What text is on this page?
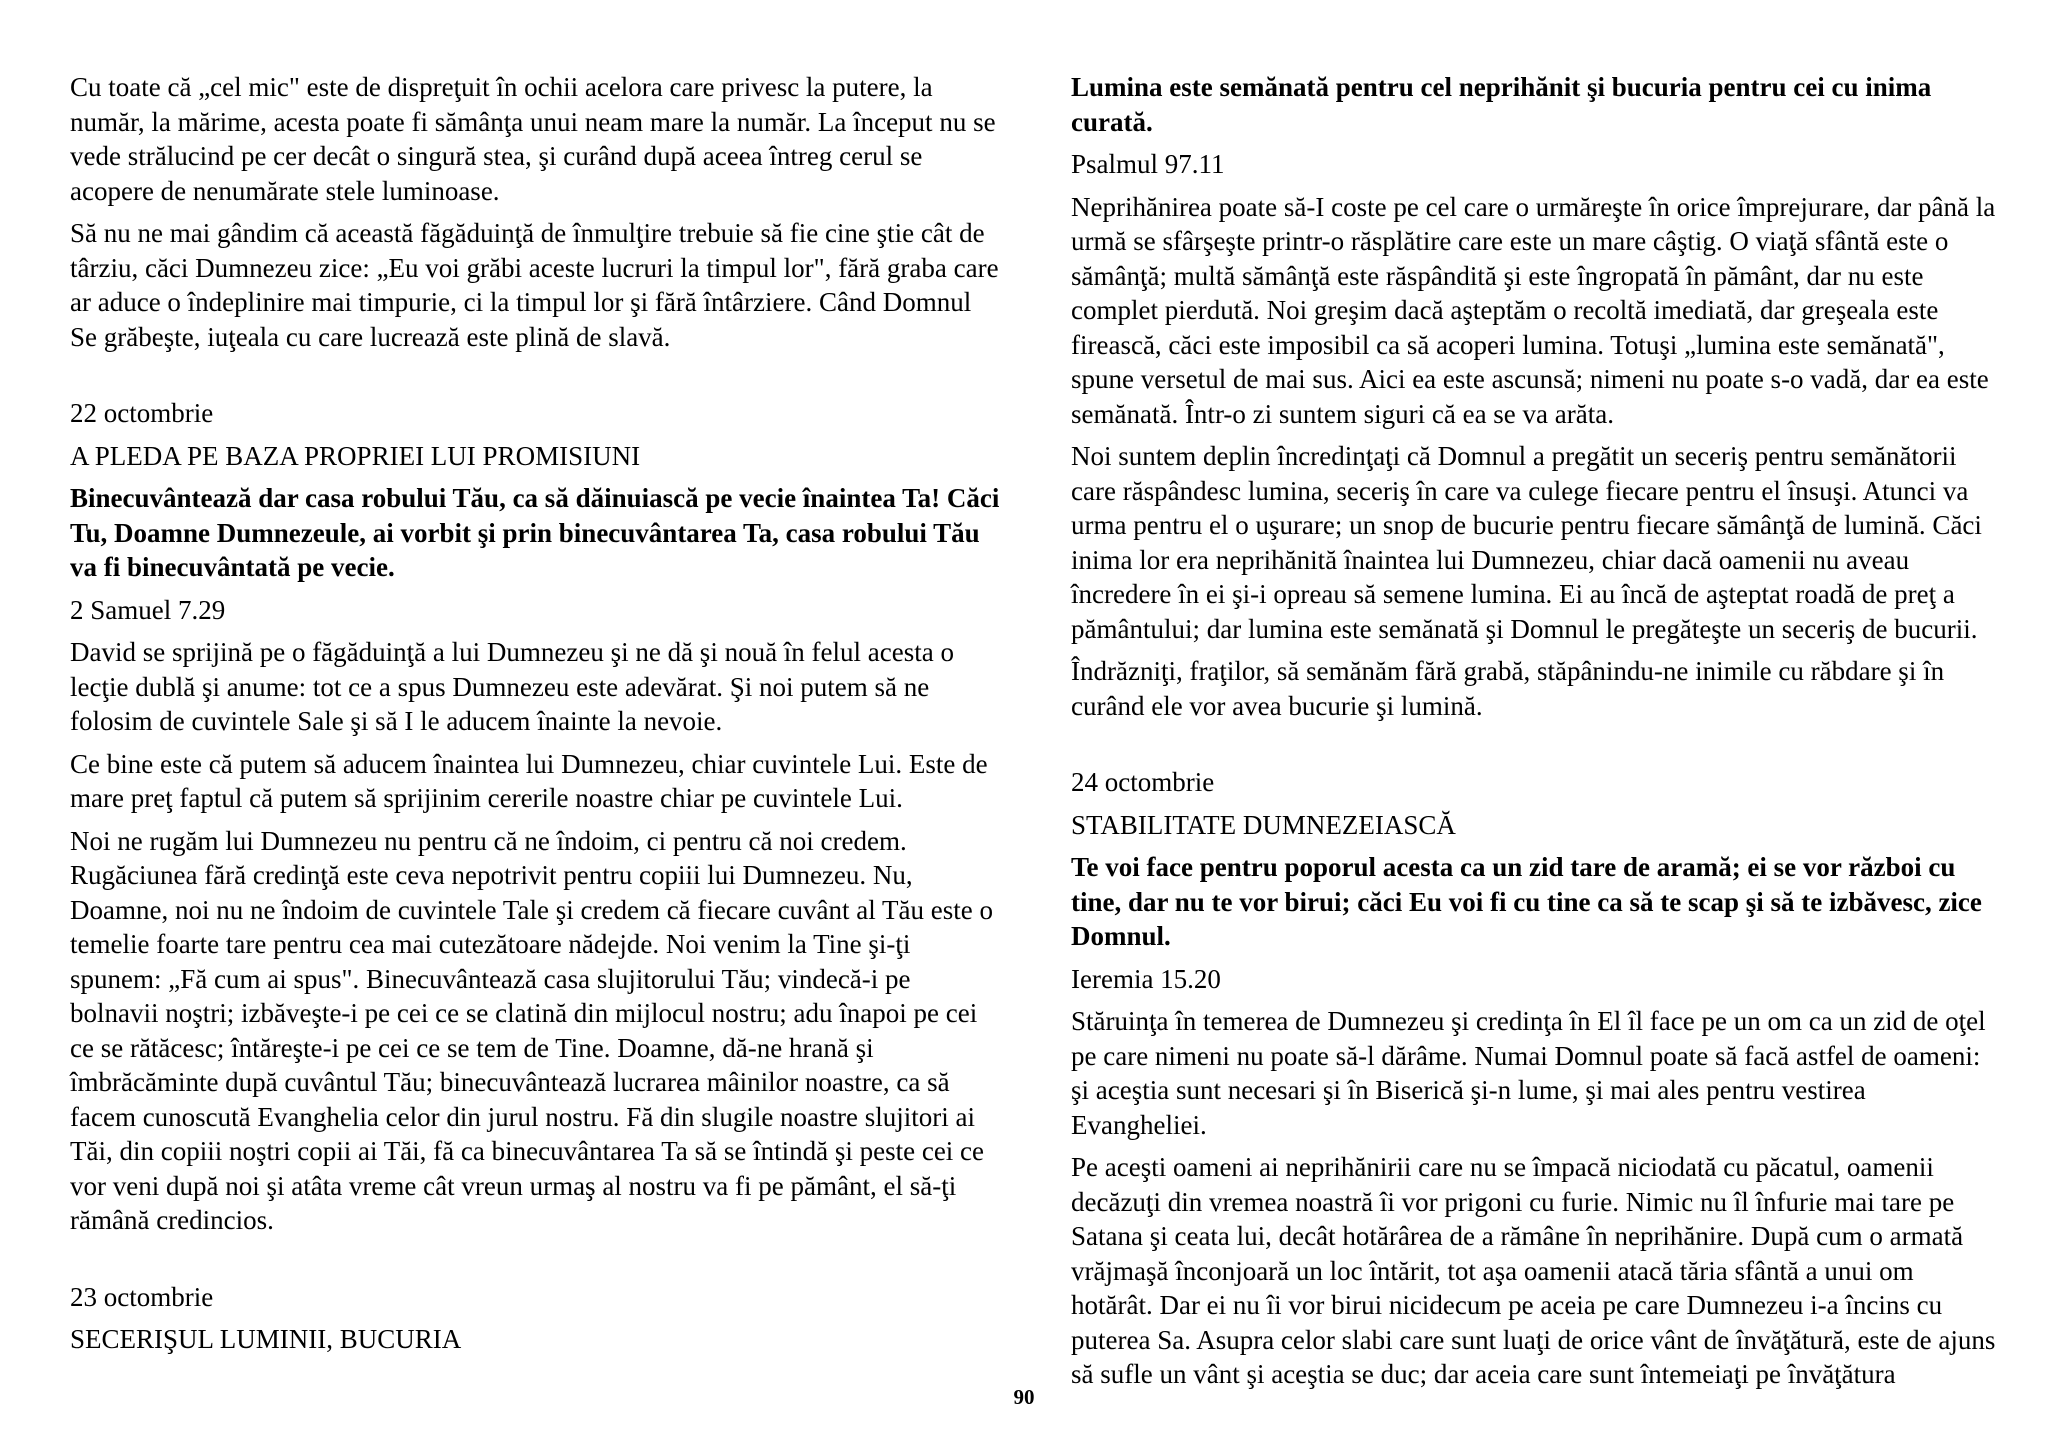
Cu toate că „cel mic" este de dispreţuit în ochii acelora care privesc la putere, la număr, la mărime, acesta poate fi sămânţa unui neam mare la număr. La început nu se vede strălucind pe cer decât o singură stea, şi curând după aceea întreg cerul se acopere de nenumărate stele luminoase.

Să nu ne mai gândim că această făgăduinţă de înmulţire trebuie să fie cine ştie cât de târziu, căci Dumnezeu zice: „Eu voi grăbi aceste lucruri la timpul lor", fără graba care ar aduce o îndeplinire mai timpurie, ci la timpul lor şi fără întârziere. Când Domnul Se grăbeşte, iuţeala cu care lucrează este plină de slavă.

22 octombrie

A PLEDA PE BAZA PROPRIEI LUI PROMISIUNI

Binecuvântează dar casa robului Tău, ca să dăinuiască pe vecie înaintea Ta! Căci Tu, Doamne Dumnezeule, ai vorbit şi prin binecuvântarea Ta, casa robului Tău va fi binecuvântată pe vecie.

2 Samuel 7.29

David se sprijină pe o făgăduinţă a lui Dumnezeu şi ne dă şi nouă în felul acesta o lecţie dublă şi anume: tot ce a spus Dumnezeu este adevărat. Şi noi putem să ne folosim de cuvintele Sale şi să I le aducem înainte la nevoie.

Ce bine este că putem să aducem înaintea lui Dumnezeu, chiar cuvintele Lui. Este de mare preţ faptul că putem să sprijinim cererile noastre chiar pe cuvintele Lui.

Noi ne rugăm lui Dumnezeu nu pentru că ne îndoim, ci pentru că noi credem. Rugăciunea fără credinţă este ceva nepotrivit pentru copiii lui Dumnezeu. Nu, Doamne, noi nu ne îndoim de cuvintele Tale şi credem că fiecare cuvânt al Tău este o temelie foarte tare pentru cea mai cutezătoare nădejde. Noi venim la Tine şi-ţi spunem: „Fă cum ai spus". Binecuvântează casa slujitorului Tău; vindecă-i pe bolnavii noştri; izbăveşte-i pe cei ce se clatină din mijlocul nostru; adu înapoi pe cei ce se rătăcesc; întăreşte-i pe cei ce se tem de Tine. Doamne, dă-ne hrană şi îmbrăcăminte după cuvântul Tău; binecuvântează lucrarea mâinilor noastre, ca să facem cunoscută Evanghelia celor din jurul nostru. Fă din slugile noastre slujitori ai Tăi, din copiii noştri copii ai Tăi, fă ca binecuvântarea Ta să se întindă şi peste cei ce vor veni după noi şi atâta vreme cât vreun urmaş al nostru va fi pe pământ, el să-ţi rămână credincios.

23 octombrie

SECERIŞUL LUMINII, BUCURIA

Lumina este semănată pentru cel neprihănit şi bucuria pentru cei cu inima curată.

Psalmul 97.11

Neprihănirea poate să-I coste pe cel care o urmăreşte în orice împrejurare, dar până la urmă se sfârşeşte printr-o răsplătire care este un mare câştig. O viaţă sfântă este o sămânţă; multă sămânţă este răspândită şi este îngropată în pământ, dar nu este complet pierdută. Noi greşim dacă aşteptăm o recoltă imediată, dar greşeala este firească, căci este imposibil ca să acoperi lumina. Totuşi „lumina este semănată", spune versetul de mai sus. Aici ea este ascunsă; nimeni nu poate s-o vadă, dar ea este semănată. Într-o zi suntem siguri că ea se va arăta.

Noi suntem deplin încredinţaţi că Domnul a pregătit un seceriş pentru semănătorii care răspândesc lumina, seceriş în care va culege fiecare pentru el însuşi. Atunci va urma pentru el o uşurare; un snop de bucurie pentru fiecare sămânţă de lumină. Căci inima lor era neprihănită înaintea lui Dumnezeu, chiar dacă oamenii nu aveau încredere în ei şi-i opreau să semene lumina. Ei au încă de aşteptat roadă de preţ a pământului; dar lumina este semănată şi Domnul le pregăteşte un seceriş de bucurii.

Îndrăzniţi, fraţilor, să semănăm fără grabă, stăpânindu-ne inimile cu răbdare şi în curând ele vor avea bucurie şi lumină.

24 octombrie

STABILITATE DUMNEZEIASCĂ

Te voi face pentru poporul acesta ca un zid tare de aramă; ei se vor război cu tine, dar nu te vor birui; căci Eu voi fi cu tine ca să te scap şi să te izbăvesc, zice Domnul.

Ieremia 15.20

Stăruinţa în temerea de Dumnezeu şi credinţa în El îl face pe un om ca un zid de oţel pe care nimeni nu poate să-l dărâme. Numai Domnul poate să facă astfel de oameni: şi aceştia sunt necesari şi în Biserică şi-n lume, şi mai ales pentru vestirea Evangheliei.

Pe aceşti oameni ai neprihănirii care nu se împacă niciodată cu păcatul, oamenii decăzuţi din vremea noastră îi vor prigoni cu furie. Nimic nu îl înfurie mai tare pe Satana şi ceata lui, decât hotărârea de a rămâne în neprihănire. După cum o armată vrăjmaşă înconjoară un loc întărit, tot aşa oamenii atacă tăria sfântă a unui om hotărât. Dar ei nu îi vor birui nicidecum pe aceia pe care Dumnezeu i-a încins cu puterea Sa. Asupra celor slabi care sunt luaţi de orice vânt de învăţătură, este de ajuns să sufle un vânt şi aceştia se duc; dar aceia care sunt întemeiaţi pe învăţătura

90
